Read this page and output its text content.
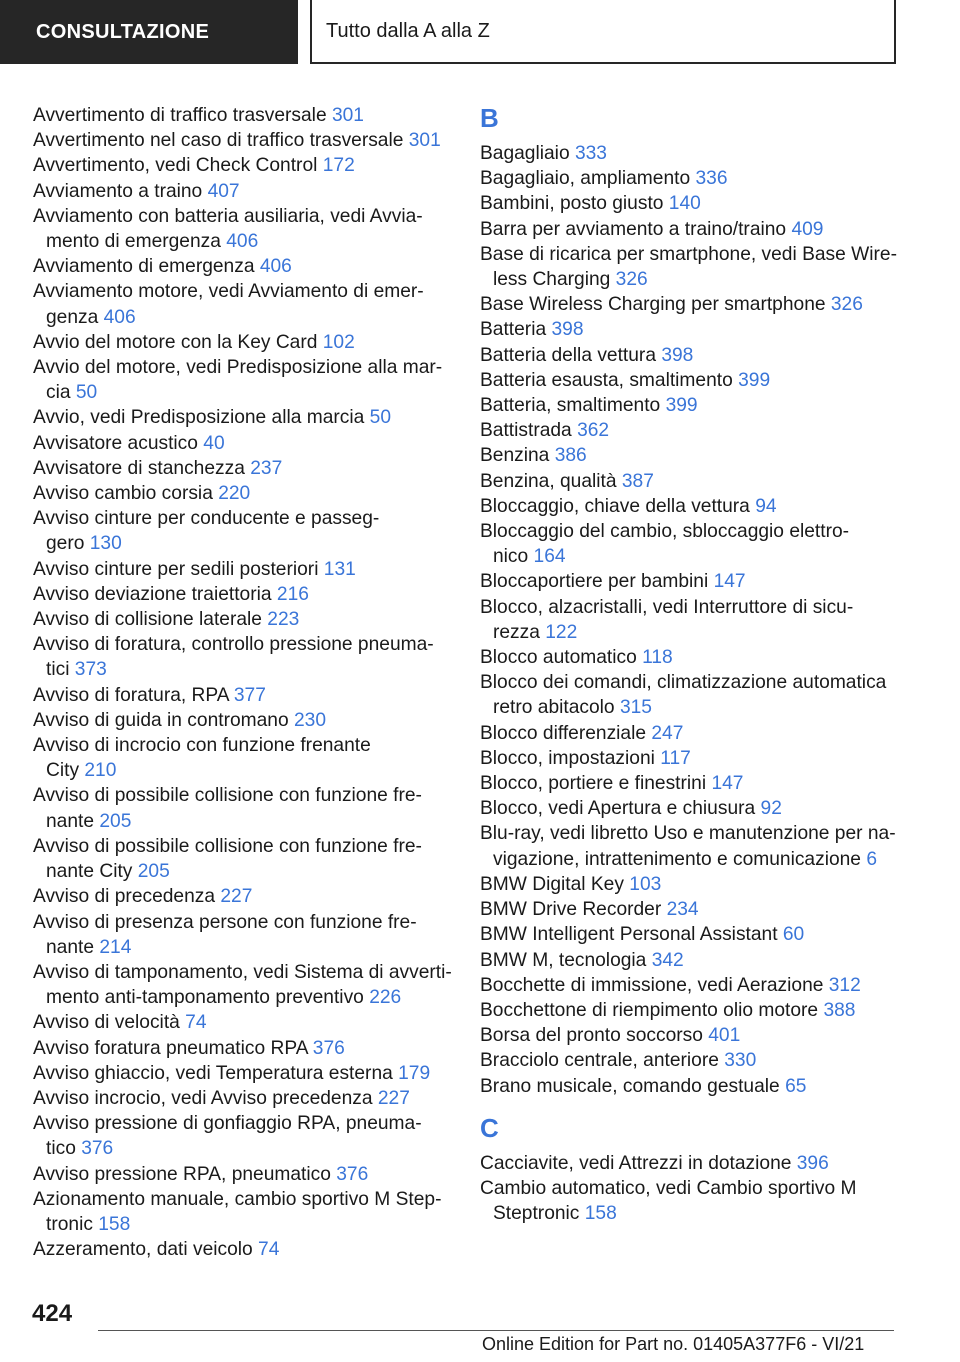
CONSULTAZIONE	Tutto dalla A alla Z
Avvertimento di traffico trasversale 301
Avvertimento nel caso di traffico trasversale 301
Avvertimento, vedi Check Control 172
Avviamento a traino 407
Avviamento con batteria ausiliaria, vedi Avvia-
mento di emergenza 406
Avviamento di emergenza 406
Avviamento motore, vedi Avviamento di emer-
genza 406
Avvio del motore con la Key Card 102
Avvio del motore, vedi Predisposizione alla mar-
cia 50
Avvio, vedi Predisposizione alla marcia 50
Avvisatore acustico 40
Avvisatore di stanchezza 237
Avviso cambio corsia 220
Avviso cinture per conducente e passeg-
gero 130
Avviso cinture per sedili posteriori 131
Avviso deviazione traiettoria 216
Avviso di collisione laterale 223
Avviso di foratura, controllo pressione pneuma-
tici 373
Avviso di foratura, RPA 377
Avviso di guida in contromano 230
Avviso di incrocio con funzione frenante
City 210
Avviso di possibile collisione con funzione fre-
nante 205
Avviso di possibile collisione con funzione fre-
nante City 205
Avviso di precedenza 227
Avviso di presenza persone con funzione fre-
nante 214
Avviso di tamponamento, vedi Sistema di avverti-
mento anti-tamponamento preventivo 226
Avviso di velocità 74
Avviso foratura pneumatico RPA 376
Avviso ghiaccio, vedi Temperatura esterna 179
Avviso incrocio, vedi Avviso precedenza 227
Avviso pressione di gonfiaggio RPA, pneuma-
tico 376
Avviso pressione RPA, pneumatico 376
Azionamento manuale, cambio sportivo M Step-
tronic 158
Azzeramento, dati veicolo 74
B
Bagagliaio 333
Bagagliaio, ampliamento 336
Bambini, posto giusto 140
Barra per avviamento a traino/traino 409
Base di ricarica per smartphone, vedi Base Wire-
less Charging 326
Base Wireless Charging per smartphone 326
Batteria 398
Batteria della vettura 398
Batteria esausta, smaltimento 399
Batteria, smaltimento 399
Battistrada 362
Benzina 386
Benzina, qualità 387
Bloccaggio, chiave della vettura 94
Bloccaggio del cambio, sbloccaggio elettro-
nico 164
Bloccaportiere per bambini 147
Blocco, alzacristalli, vedi Interruttore di sicu-
rezza 122
Blocco automatico 118
Blocco dei comandi, climatizzazione automatica
retro abitacolo 315
Blocco differenziale 247
Blocco, impostazioni 117
Blocco, portiere e finestrini 147
Blocco, vedi Apertura e chiusura 92
Blu-ray, vedi libretto Uso e manutenzione per na-
vigazione, intrattenimento e comunicazione 6
BMW Digital Key 103
BMW Drive Recorder 234
BMW Intelligent Personal Assistant 60
BMW M, tecnologia 342
Bocchette di immissione, vedi Aerazione 312
Bocchettone di riempimento olio motore 388
Borsa del pronto soccorso 401
Bracciolo centrale, anteriore 330
Brano musicale, comando gestuale 65
C
Cacciavite, vedi Attrezzi in dotazione 396
Cambio automatico, vedi Cambio sportivo M
Steptronic 158
424
Online Edition for Part no. 01405A377F6 - VI/21
